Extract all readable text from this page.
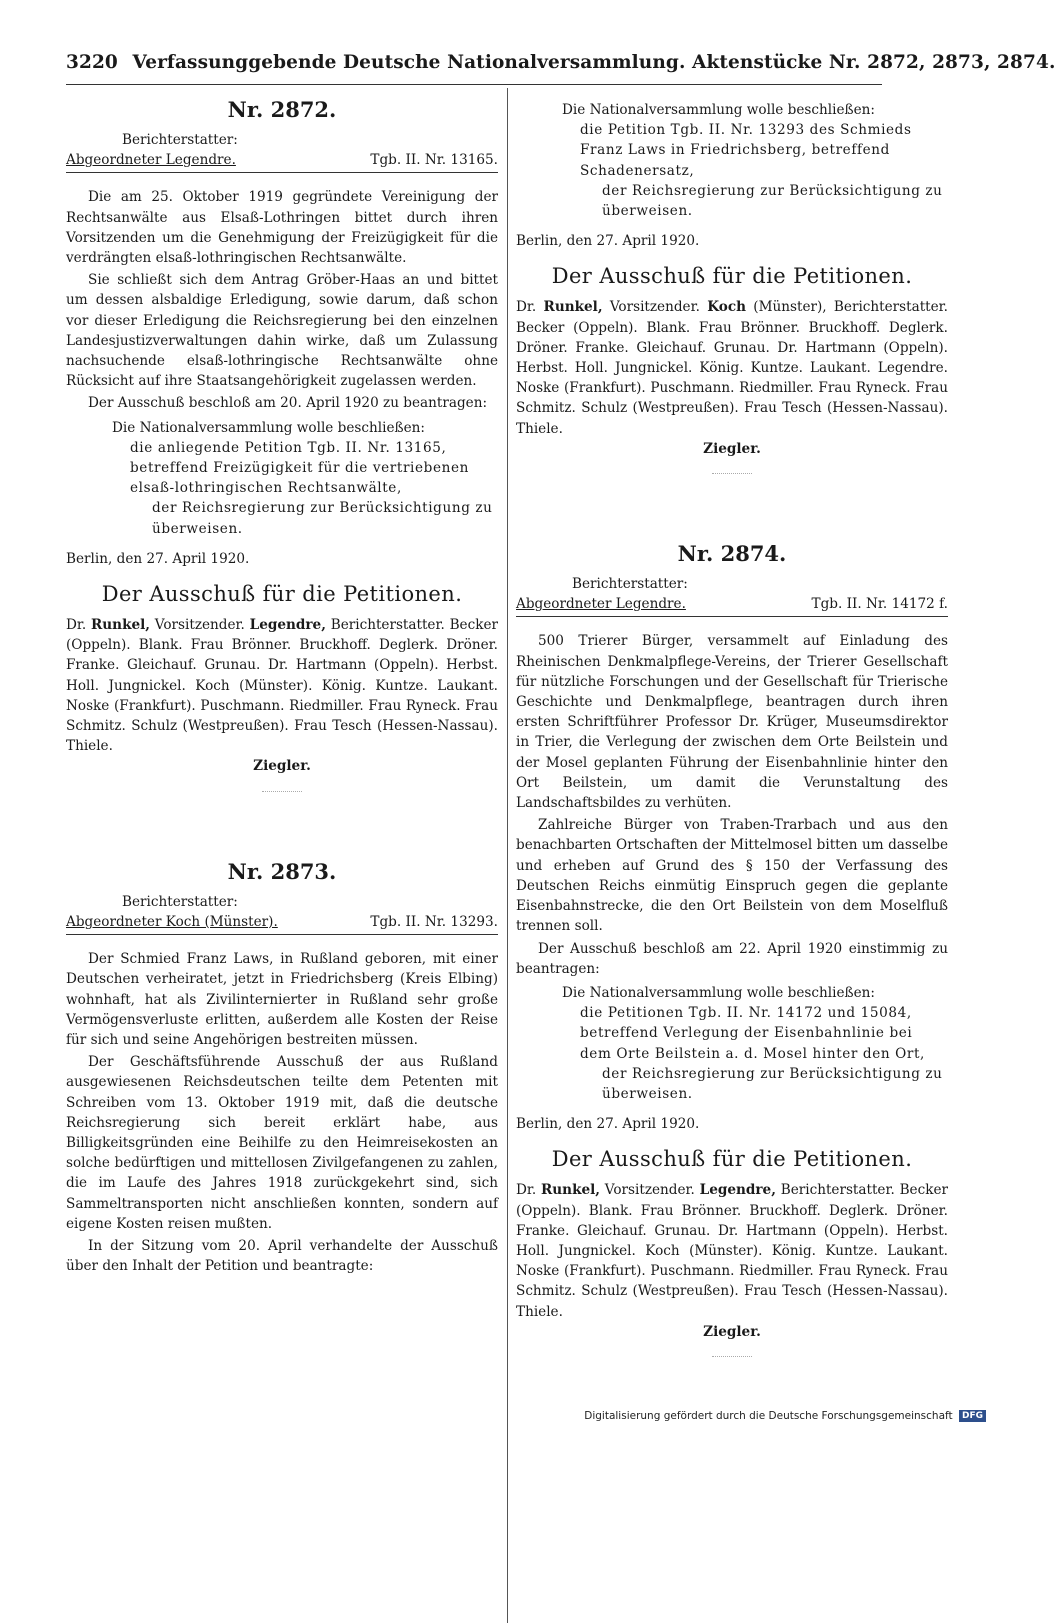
3220 Verfassunggebende Deutsche Nationalversammlung. Aktenstücke Nr. 2872, 2873, 2874.
Nr. 2872.
Berichterstatter:
Abgeordneter Legendre.	Tgb. II. Nr. 13165.

Die am 25. Oktober 1919 gegründete Vereinigung der Rechtsanwälte aus Elsaß-Lothringen bittet durch ihren Vorsitzenden um die Genehmigung der Freizügigkeit für die verdrängten elsaß-lothringischen Rechtsanwälte.

Sie schließt sich dem Antrag Gröber-Haas an und bittet um dessen alsbaldige Erledigung, sowie darum, daß schon vor dieser Erledigung die Reichsregierung bei den einzelnen Landesjustizverwaltungen dahin wirke, daß um Zulassung nachsuchende elsaß-lothringische Rechtsanwälte ohne Rücksicht auf ihre Staatsangehörigkeit zugelassen werden.

Der Ausschuß beschloß am 20. April 1920 zu beantragen:

Die Nationalversammlung wolle beschließen:
die anliegende Petition Tgb. II. Nr. 13165, betreffend Freizügigkeit für die vertriebenen elsaß-lothringischen Rechtsanwälte,
der Reichsregierung zur Berücksichtigung zu überweisen.
Berlin, den 27. April 1920.
Der Ausschuß für die Petitionen.
Dr. Runkel, Vorsitzender. Legendre, Berichterstatter. Becker (Oppeln). Blank. Frau Brönner. Bruckhoff. Deglerk. Dröner. Franke. Gleichauf. Grunau. Dr. Hartmann (Oppeln). Herbst. Holl. Jungnickel. Koch (Münster). König. Kuntze. Laukant. Noske (Frankfurt). Puschmann. Riedmiller. Frau Ryneck. Frau Schmitz. Schulz (Westpreußen). Frau Tesch (Hessen-Nassau). Thiele.
Ziegler.
Nr. 2873.
Berichterstatter:
Abgeordneter Koch (Münster).	Tgb. II. Nr. 13293.

Der Schmied Franz Laws, in Rußland geboren, mit einer Deutschen verheiratet, jetzt in Friedrichsberg (Kreis Elbing) wohnhaft, hat als Zivilinternierter in Rußland sehr große Vermögensverluste erlitten, außerdem alle Kosten der Reise für sich und seine Angehörigen bestreiten müssen.

Der Geschäftsführende Ausschuß der aus Rußland ausgewiesenen Reichsdeutschen teilte dem Petenten mit Schreiben vom 13. Oktober 1919 mit, daß die deutsche Reichsregierung sich bereit erklärt habe, aus Billigkeitsgründen eine Beihilfe zu den Heimreisekosten an solche bedürftigen und mittellosen Zivilgefangenen zu zahlen, die im Laufe des Jahres 1918 zurückgekehrt sind, sich Sammeltransporten nicht anschließen konnten, sondern auf eigene Kosten reisen mußten.

In der Sitzung vom 20. April verhandelte der Ausschuß über den Inhalt der Petition und beantragte:

Die Nationalversammlung wolle beschließen:
die Petition Tgb. II. Nr. 13293 des Schmieds Franz Laws in Friedrichsberg, betreffend Schadenersatz,
der Reichsregierung zur Berücksichtigung zu überweisen.
Berlin, den 27. April 1920.
Der Ausschuß für die Petitionen.
Dr. Runkel, Vorsitzender. Koch (Münster), Berichterstatter. Becker (Oppeln). Blank. Frau Brönner. Bruckhoff. Deglerk. Dröner. Franke. Gleichauf. Grunau. Dr. Hartmann (Oppeln). Herbst. Holl. Jungnickel. König. Kuntze. Laukant. Legendre. Noske (Frankfurt). Puschmann. Riedmiller. Frau Ryneck. Frau Schmitz. Schulz (Westpreußen). Frau Tesch (Hessen-Nassau). Thiele.
Ziegler.
Nr. 2874.
Berichterstatter:
Abgeordneter Legendre.	Tgb. II. Nr. 14172 f.

500 Trierer Bürger, versammelt auf Einladung des Rheinischen Denkmalpflege-Vereins, der Trierer Gesellschaft für nützliche Forschungen und der Gesellschaft für Trierische Geschichte und Denkmalpflege, beantragen durch ihren ersten Schriftführer Professor Dr. Krüger, Museumsdirektor in Trier, die Verlegung der zwischen dem Orte Beilstein und der Mosel geplanten Führung der Eisenbahnlinie hinter den Ort Beilstein, um damit die Verunstaltung des Landschaftsbildes zu verhüten.

Zahlreiche Bürger von Traben-Trarbach und aus den benachbarten Ortschaften der Mittelmosel bitten um dasselbe und erheben auf Grund des § 150 der Verfassung des Deutschen Reichs einmütig Einspruch gegen die geplante Eisenbahnstrecke, die den Ort Beilstein von dem Moselfluß trennen soll.

Der Ausschuß beschloß am 22. April 1920 einstimmig zu beantragen:

Die Nationalversammlung wolle beschließen:
die Petitionen Tgb. II. Nr. 14172 und 15084, betreffend Verlegung der Eisenbahnlinie bei dem Orte Beilstein a. d. Mosel hinter den Ort,
der Reichsregierung zur Berücksichtigung zu überweisen.
Berlin, den 27. April 1920.
Der Ausschuß für die Petitionen.
Dr. Runkel, Vorsitzender. Legendre, Berichterstatter. Becker (Oppeln). Blank. Frau Brönner. Bruckhoff. Deglerk. Dröner. Franke. Gleichauf. Grunau. Dr. Hartmann (Oppeln). Herbst. Holl. Jungnickel. Koch (Münster). König. Kuntze. Laukant. Noske (Frankfurt). Puschmann. Riedmiller. Frau Ryneck. Frau Schmitz. Schulz (Westpreußen). Frau Tesch (Hessen-Nassau). Thiele.
Ziegler.
Digitalisierung gefördert durch die Deutsche Forschungsgemeinschaft DFG
